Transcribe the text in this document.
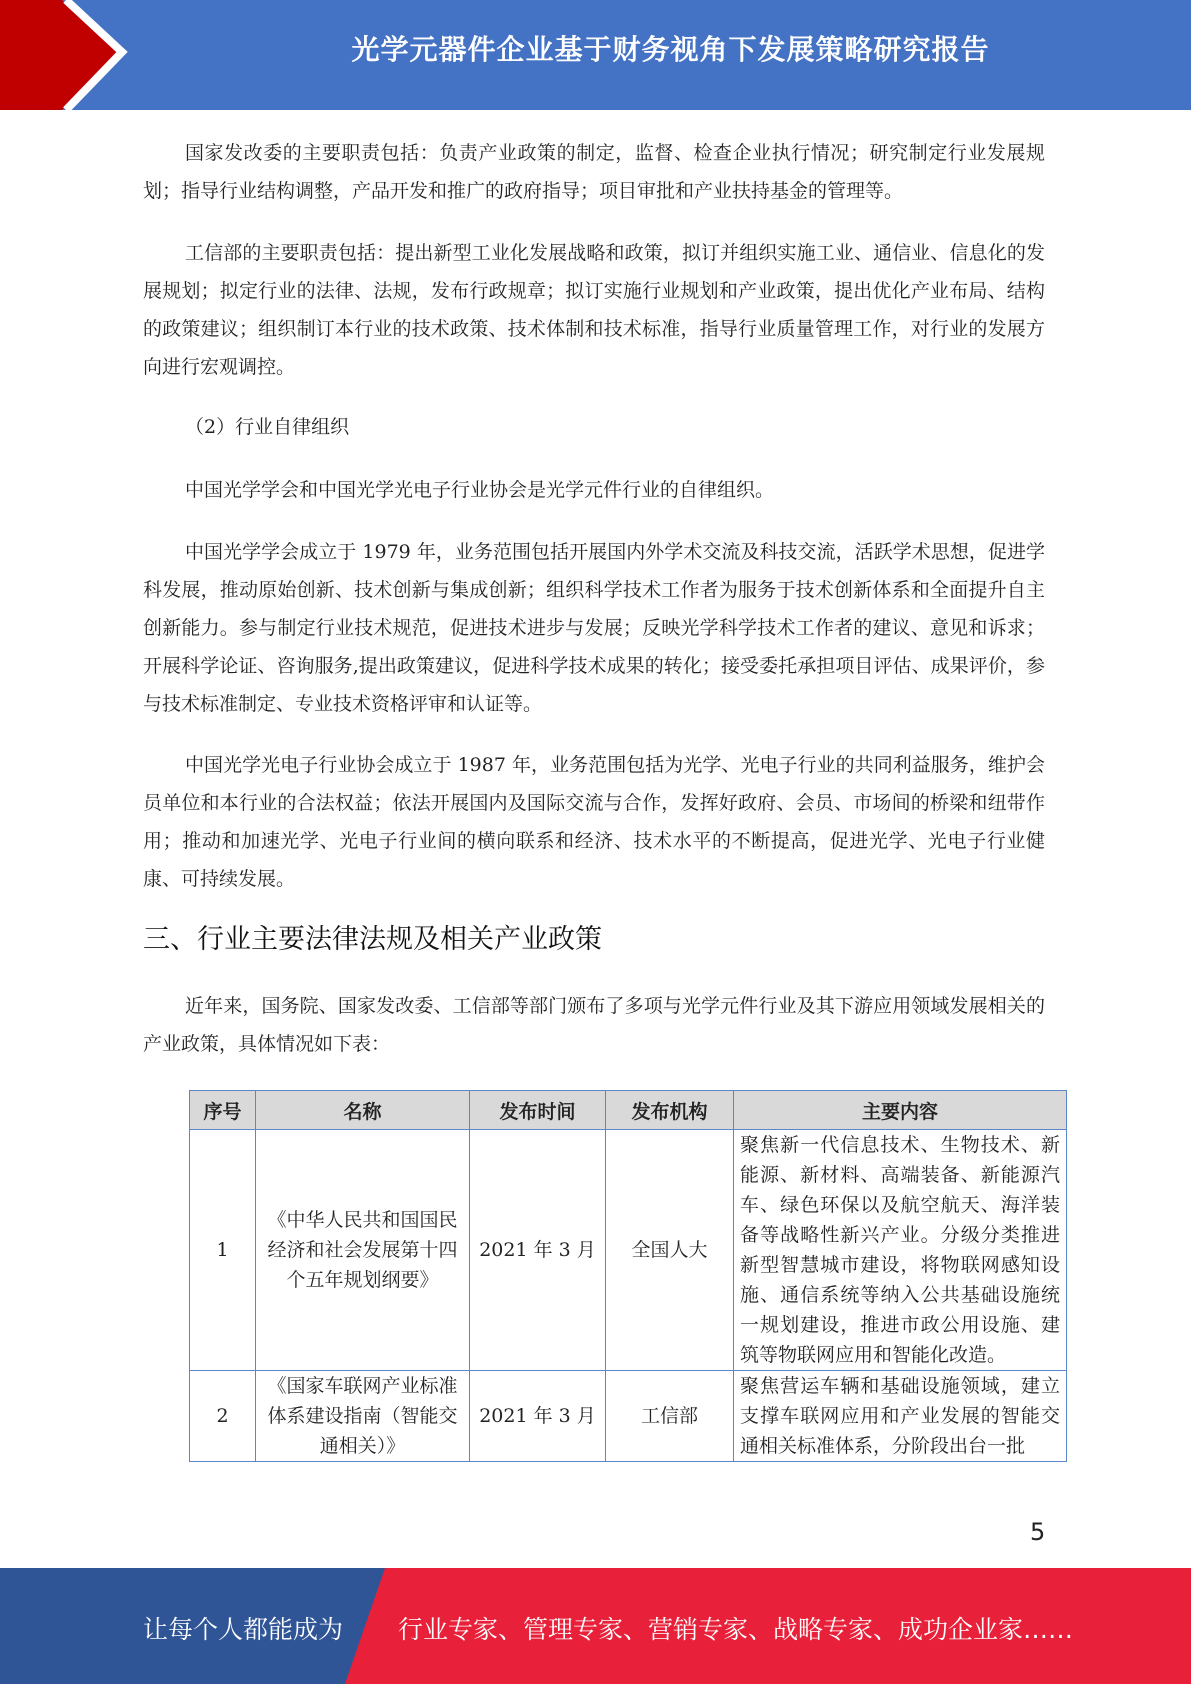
光学元器件企业基于财务视角下发展策略研究报告

国家发改委的主要职责包括：负责产业政策的制定，监督、检查企业执行情况；研究制定行业发展规划；指导行业结构调整，产品开发和推广的政府指导；项目审批和产业扶持基金的管理等。

工信部的主要职责包括：提出新型工业化发展战略和政策，拟订并组织实施工业、通信业、信息化的发展规划；拟定行业的法律、法规，发布行政规章；拟订实施行业规划和产业政策，提出优化产业布局、结构的政策建议；组织制订本行业的技术政策、技术体制和技术标准，指导行业质量管理工作，对行业的发展方向进行宏观调控。

（2）行业自律组织

中国光学学会和中国光学光电子行业协会是光学元件行业的自律组织。

中国光学学会成立于 1979 年，业务范围包括开展国内外学术交流及科技交流，活跃学术思想，促进学科发展，推动原始创新、技术创新与集成创新；组织科学技术工作者为服务于技术创新体系和全面提升自主创新能力。参与制定行业技术规范，促进技术进步与发展；反映光学科学技术工作者的建议、意见和诉求；开展科学论证、咨询服务,提出政策建议，促进科学技术成果的转化；接受委托承担项目评估、成果评价，参与技术标准制定、专业技术资格评审和认证等。

中国光学光电子行业协会成立于 1987 年，业务范围包括为光学、光电子行业的共同利益服务，维护会员单位和本行业的合法权益；依法开展国内及国际交流与合作，发挥好政府、会员、市场间的桥梁和纽带作用；推动和加速光学、光电子行业间的横向联系和经济、技术水平的不断提高，促进光学、光电子行业健康、可持续发展。

三、行业主要法律法规及相关产业政策

近年来，国务院、国家发改委、工信部等部门颁布了多项与光学元件行业及其下游应用领域发展相关的产业政策，具体情况如下表：

序号	名称	发布时间	发布机构	主要内容
1	《中华人民共和国国民经济和社会发展第十四个五年规划纲要》	2021 年 3 月	全国人大	聚焦新一代信息技术、生物技术、新能源、新材料、高端装备、新能源汽车、绿色环保以及航空航天、海洋装备等战略性新兴产业。分级分类推进新型智慧城市建设，将物联网感知设施、通信系统等纳入公共基础设施统一规划建设，推进市政公用设施、建筑等物联网应用和智能化改造。
2	《国家车联网产业标准体系建设指南（智能交通相关）》	2021 年 3 月	工信部	聚焦营运车辆和基础设施领域，建立支撑车联网应用和产业发展的智能交通相关标准体系，分阶段出台一批
5
让每个人都能成为 行业专家、管理专家、营销专家、战略专家、成功企业家……
